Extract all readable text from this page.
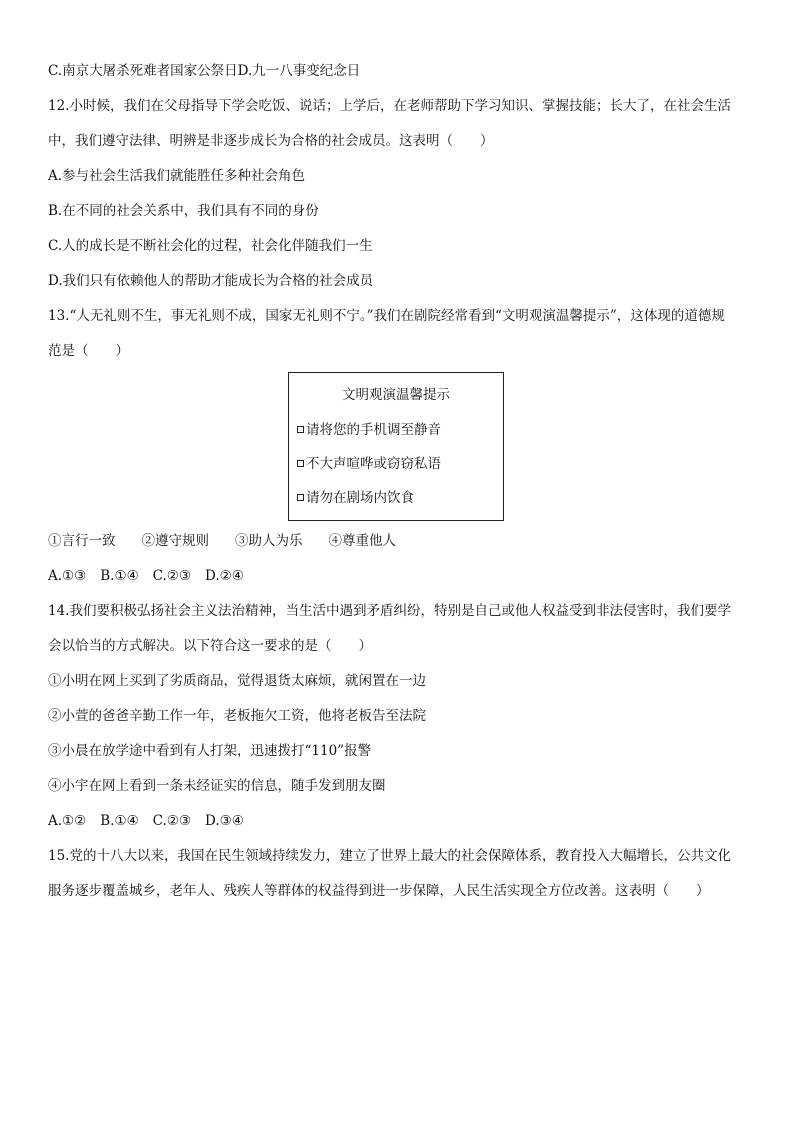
C.南京大屠杀死难者国家公祭日D.九一八事变纪念日
12.小时候，我们在父母指导下学会吃饭、说话；上学后，在老师帮助下学习知识、掌握技能；长大了，在社会生活
中，我们遵守法律、明辨是非逐步成长为合格的社会成员。这表明（　　）
A.参与社会生活我们就能胜任多种社会角色
B.在不同的社会关系中，我们具有不同的身份
C.人的成长是不断社会化的过程，社会化伴随我们一生
D.我们只有依赖他人的帮助才能成长为合格的社会成员
13.“人无礼则不生，事无礼则不成，国家无礼则不宁。”我们在剧院经常看到“文明观演温馨提示”，这体现的道德规
范是（　　）
文明观演温馨提示
请将您的手机调至静音
不大声喧哗或窃窃私语
请勿在剧场内饮食
①言行一致 ②遵守规则 ③助人为乐 ④尊重他人
A.①③ B.①④ C.②③ D.②④
14.我们要积极弘扬社会主义法治精神，当生活中遇到矛盾纠纷，特别是自己或他人权益受到非法侵害时，我们要学
会以恰当的方式解决。以下符合这一要求的是（　　）
①小明在网上买到了劣质商品，觉得退货太麻烦，就闲置在一边
②小萱的爸爸辛勤工作一年，老板拖欠工资，他将老板告至法院
③小晨在放学途中看到有人打架，迅速拨打“110”报警
④小宇在网上看到一条未经证实的信息，随手发到朋友圈
A.①② B.①④ C.②③ D.③④
15.党的十八大以来，我国在民生领域持续发力，建立了世界上最大的社会保障体系，教育投入大幅增长，公共文化
服务逐步覆盖城乡，老年人、残疾人等群体的权益得到进一步保障，人民生活实现全方位改善。这表明（　　）
